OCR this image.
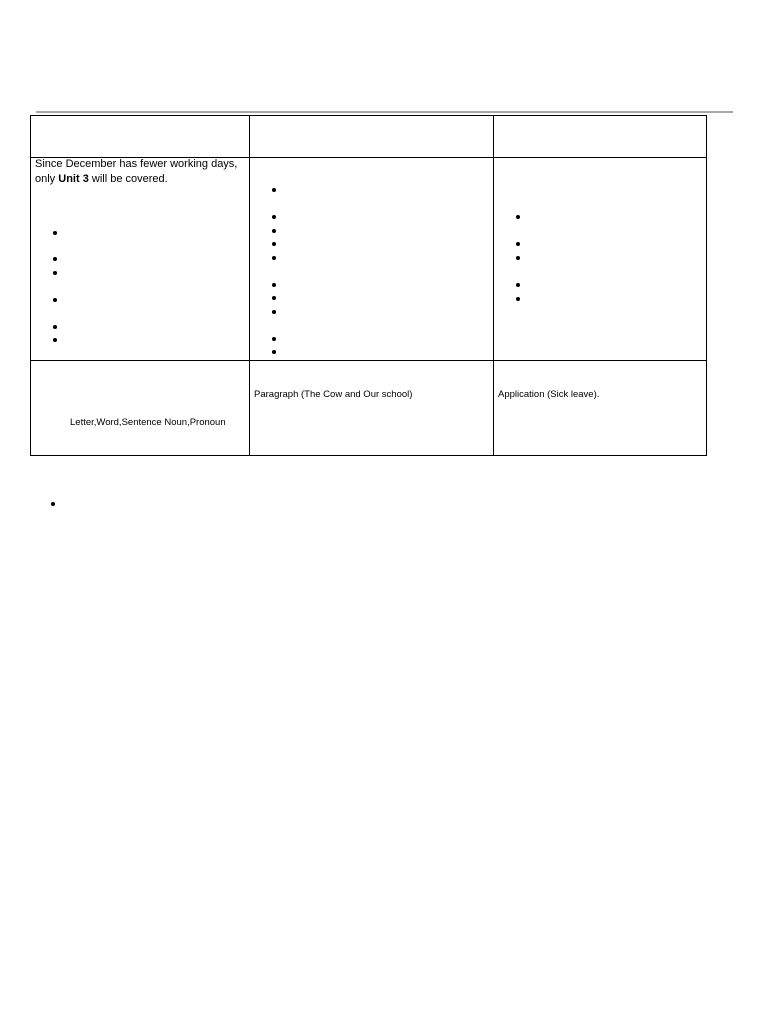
Since December has fewer working days,
only Unit 3 will be covered.
Letter,Word,Sentence Noun,Pronoun
Paragraph (The Cow and Our school)	Application (Sick leave).
